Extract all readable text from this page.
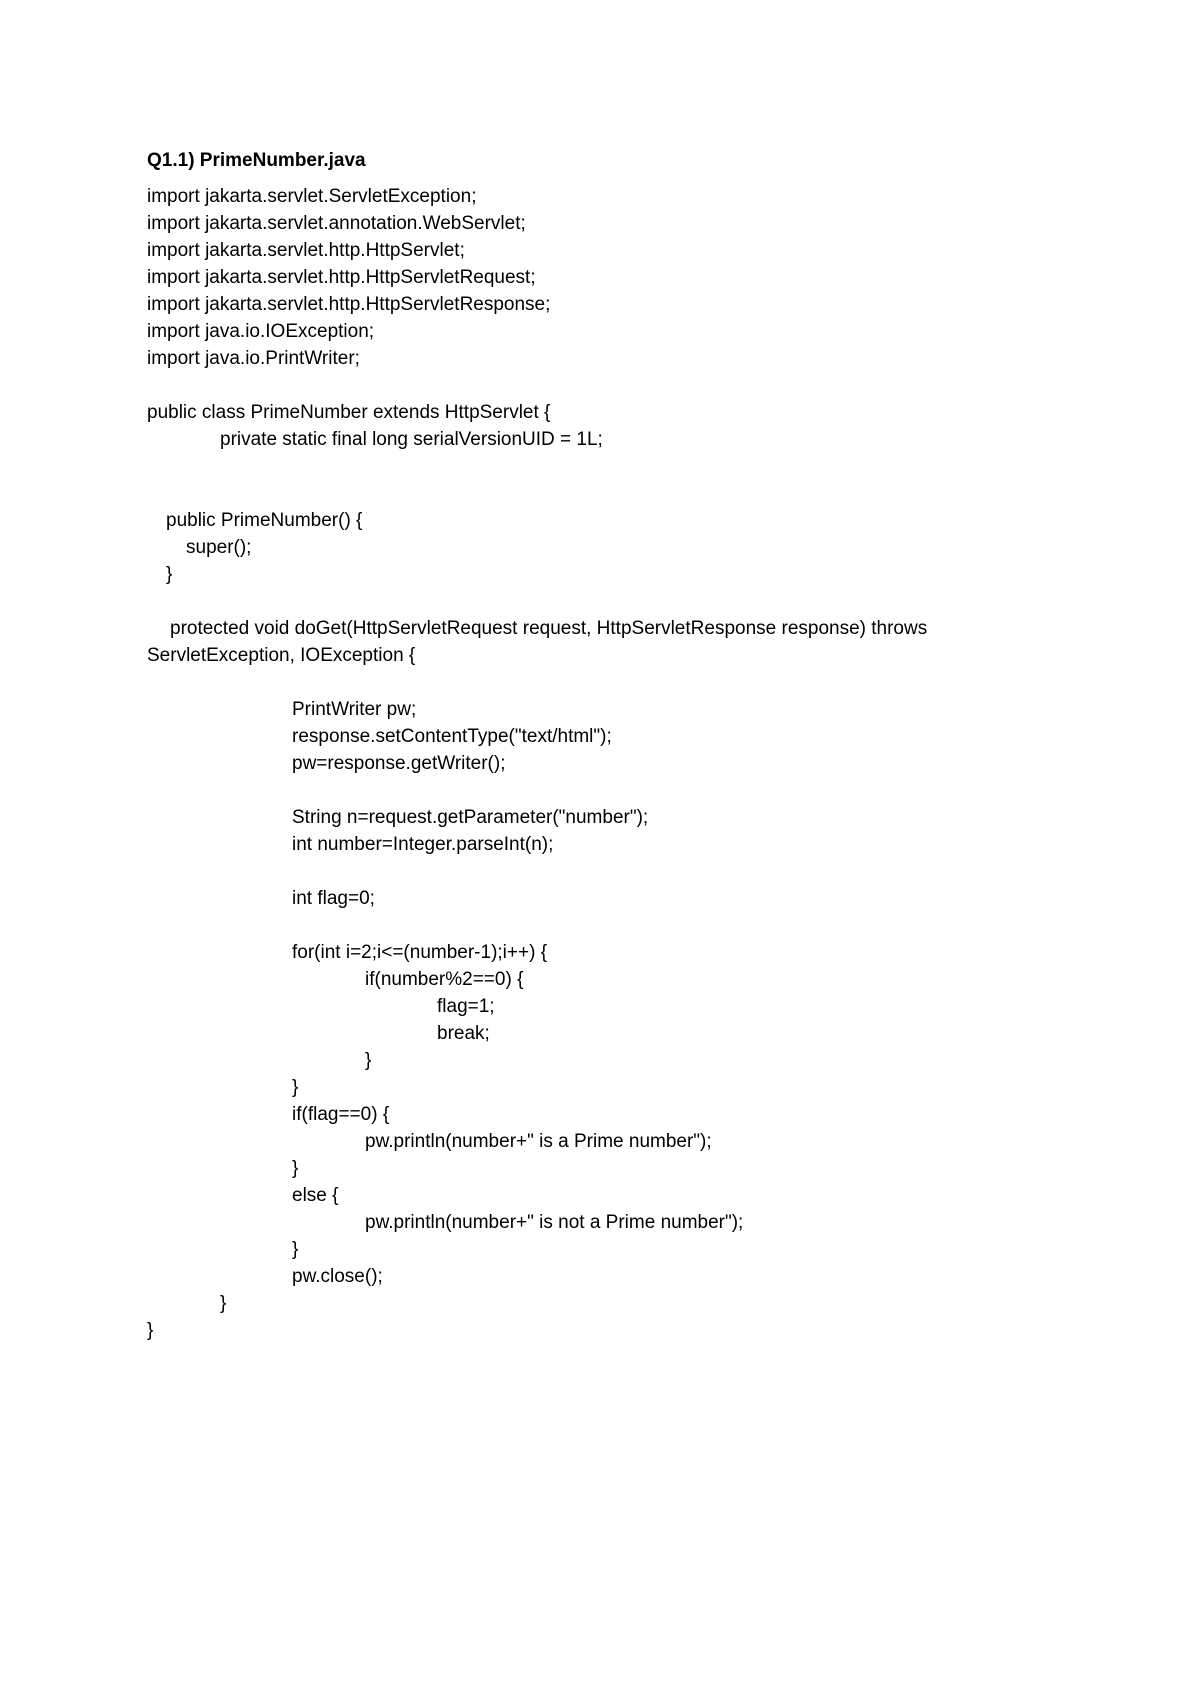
Q1.1) PrimeNumber.java
import jakarta.servlet.ServletException;
import jakarta.servlet.annotation.WebServlet;
import jakarta.servlet.http.HttpServlet;
import jakarta.servlet.http.HttpServletRequest;
import jakarta.servlet.http.HttpServletResponse;
import java.io.IOException;
import java.io.PrintWriter;
public class PrimeNumber extends HttpServlet {
private static final long serialVersionUID = 1L;
public PrimeNumber() {
super();
}
protected void doGet(HttpServletRequest request, HttpServletResponse response) throws
ServletException, IOException {
PrintWriter pw;
response.setContentType("text/html");
pw=response.getWriter();
String n=request.getParameter("number");
int number=Integer.parseInt(n);
int flag=0;
for(int i=2;i<=(number-1);i++) {
if(number%2==0) {
flag=1;
break;
}
}
if(flag==0) {
pw.println(number+" is a Prime number");
}
else {
pw.println(number+" is not a Prime number");
}
pw.close();
}
}
